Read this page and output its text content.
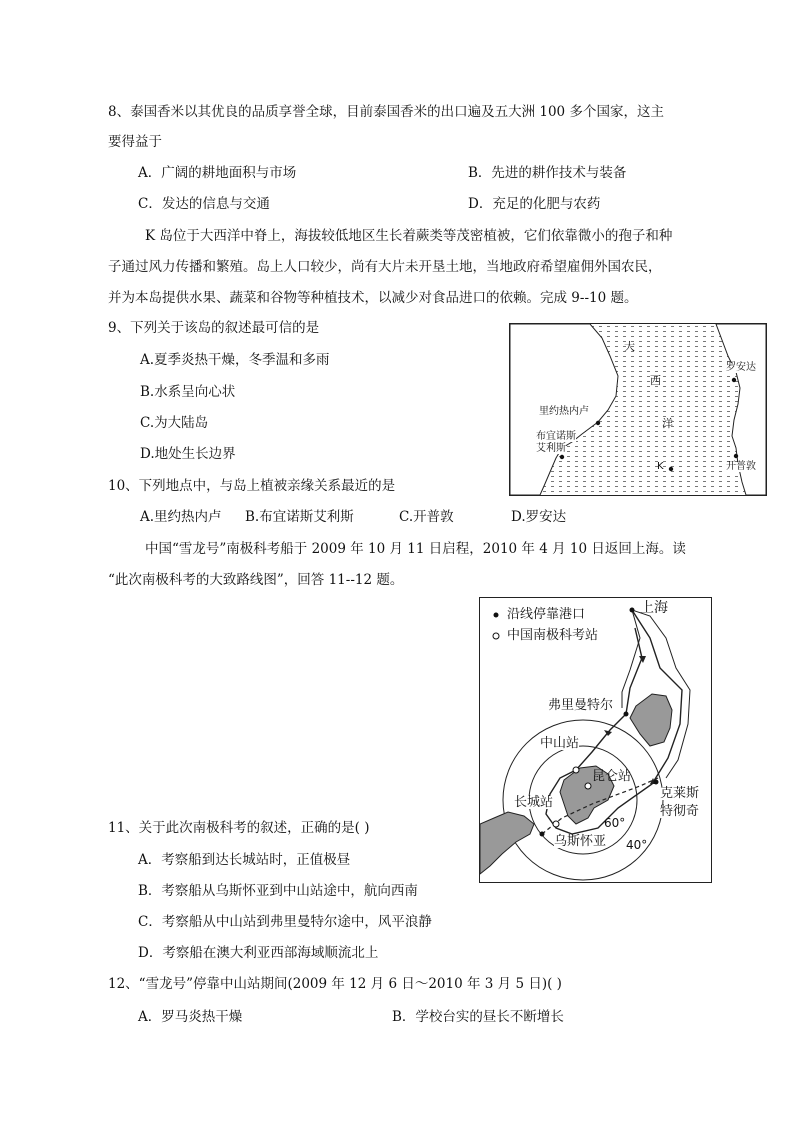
8、泰国香米以其优良的品质享誉全球，目前泰国香米的出口遍及五大洲 100 多个国家，这主
要得益于
A．广阔的耕地面积与市场	B．先进的耕作技术与装备
C．发达的信息与交通	D．充足的化肥与农药
K 岛位于大西洋中脊上，海拔较低地区生长着蕨类等茂密植被，它们依靠微小的孢子和种
子通过风力传播和繁殖。岛上人口较少，尚有大片未开垦土地，当地政府希望雇佣外国农民，
并为本岛提供水果、蔬菜和谷物等种植技术，以减少对食品进口的依赖。完成 9--10 题。
9、下列关于该岛的叙述最可信的是
A.夏季炎热干燥，冬季温和多雨
B.水系呈向心状
C.为大陆岛
D.地处生长边界
大
西
洋
里约热内卢
布宜诺斯
艾利斯
罗安达
K	开普敦
10、下列地点中，与岛上植被亲缘关系最近的是
A.里约热内卢 B.布宜诺斯艾利斯	C.开普敦	D.罗安达
中国“雪龙号”南极科考船于 2009 年 10 月 11 日启程，2010 年 4 月 10 日返回上海。读
“此次南极科考的大致路线图”，回答 11--12 题。
沿线停靠港口
中国南极科考站
上海
弗里曼特尔
中山站
昆仑站
长城站
克莱斯
特彻奇
乌斯怀亚
60°
40°
11、关于此次南极科考的叙述，正确的是( )
A．考察船到达长城站时，正值极昼
B．考察船从乌斯怀亚到中山站途中，航向西南
C．考察船从中山站到弗里曼特尔途中，风平浪静
D．考察船在澳大利亚西部海域顺流北上
12、“雪龙号”停靠中山站期间(2009 年 12 月 6 日～2010 年 3 月 5 日)( )
A．罗马炎热干燥	B．学校台实的昼长不断增长
